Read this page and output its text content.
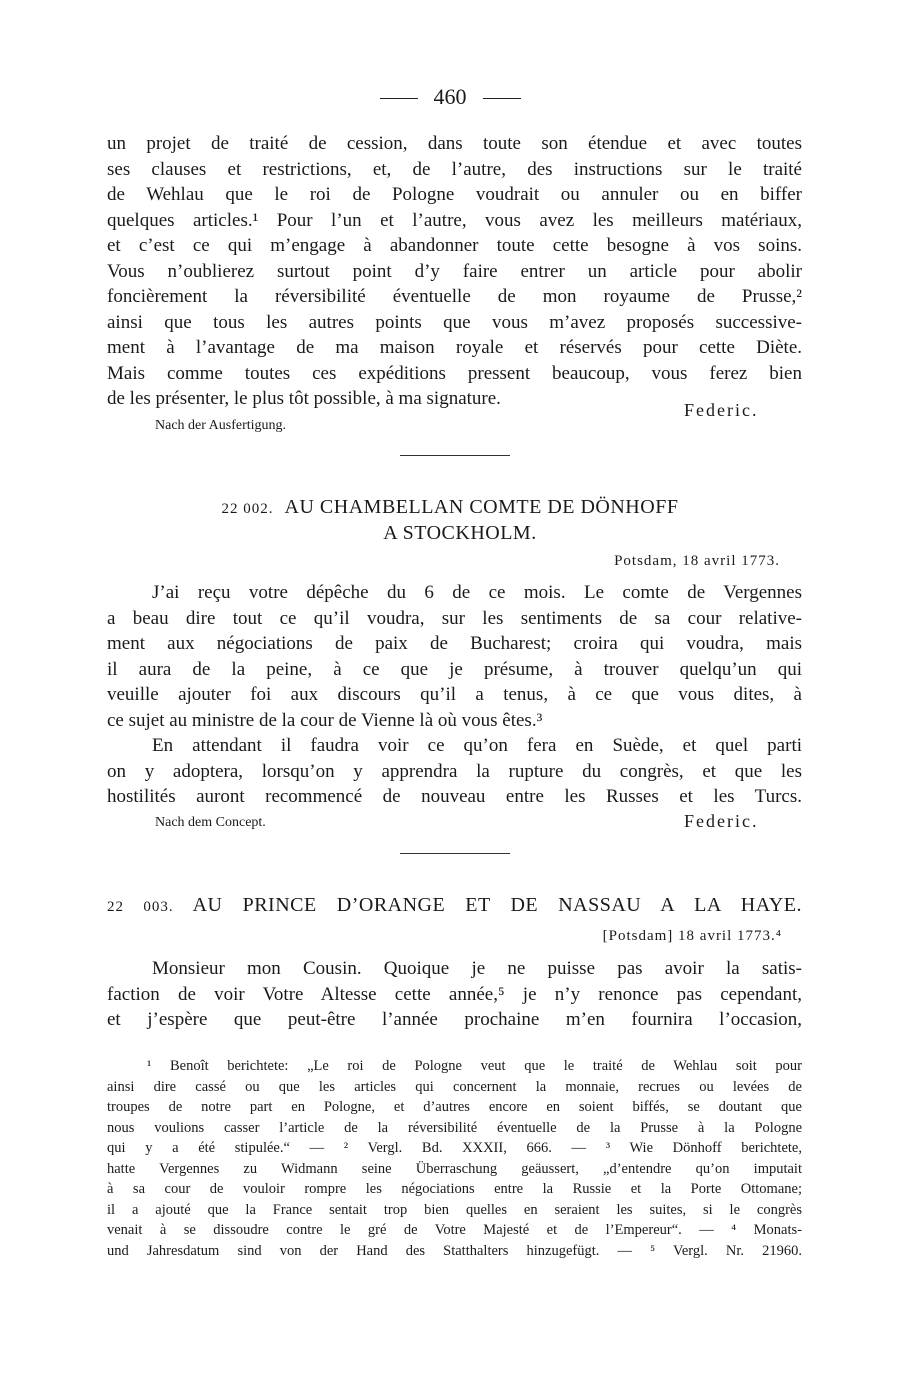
460
un projet de traité de cession, dans toute son étendue et avec toutes
ses clauses et restrictions, et, de l’autre, des instructions sur le traité
de Wehlau que le roi de Pologne voudrait ou annuler ou en biffer
quelques articles.¹ Pour l’un et l’autre, vous avez les meilleurs matériaux,
et c’est ce qui m’engage à abandonner toute cette besogne à vos soins.
Vous n’oublierez surtout point d’y faire entrer un article pour abolir
foncièrement la réversibilité éventuelle de mon royaume de Prusse,²
ainsi que tous les autres points que vous m’avez proposés successive-
ment à l’avantage de ma maison royale et réservés pour cette Diète.
Mais comme toutes ces expéditions pressent beaucoup, vous ferez bien
de les présenter, le plus tôt possible, à ma signature.
Federic.
Nach der Ausfertigung.
22 002. AU CHAMBELLAN COMTE DE DÖNHOFF
A STOCKHOLM.
Potsdam, 18 avril 1773.
J’ai reçu votre dépêche du 6 de ce mois. Le comte de Vergennes
a beau dire tout ce qu’il voudra, sur les sentiments de sa cour relative-
ment aux négociations de paix de Bucharest; croira qui voudra, mais
il aura de la peine, à ce que je présume, à trouver quelqu’un qui
veuille ajouter foi aux discours qu’il a tenus, à ce que vous dites, à
ce sujet au ministre de la cour de Vienne là où vous êtes.³
En attendant il faudra voir ce qu’on fera en Suède, et quel parti
on y adoptera, lorsqu’on y apprendra la rupture du congrès, et que les
hostilités auront recommencé de nouveau entre les Russes et les Turcs.
Nach dem Concept.	Federic.
22 003. AU PRINCE D’ORANGE ET DE NASSAU A LA HAYE.
[Potsdam] 18 avril 1773.⁴
Monsieur mon Cousin. Quoique je ne puisse pas avoir la satis-
faction de voir Votre Altesse cette année,⁵ je n’y renonce pas cependant,
et j’espère que peut-être l’année prochaine m’en fournira l’occasion,
¹ Benoît berichtete: „Le roi de Pologne veut que le traité de Wehlau soit pour
ainsi dire cassé ou que les articles qui concernent la monnaie, recrues ou levées de
troupes de notre part en Pologne, et d’autres encore en soient biffés, se doutant que
nous voulions casser l’article de la réversibilité éventuelle de la Prusse à la Pologne
qui y a été stipulée.“ — ² Vergl. Bd. XXXII, 666. — ³ Wie Dönhoff berichtete,
hatte Vergennes zu Widmann seine Überraschung geäussert, „d’entendre qu’on imputait
à sa cour de vouloir rompre les négociations entre la Russie et la Porte Ottomane;
il a ajouté que la France sentait trop bien quelles en seraient les suites, si le congrès
venait à se dissoudre contre le gré de Votre Majesté et de l’Empereur“. — ⁴ Monats-
und Jahresdatum sind von der Hand des Statthalters hinzugefügt. — ⁵ Vergl. Nr. 21960.
